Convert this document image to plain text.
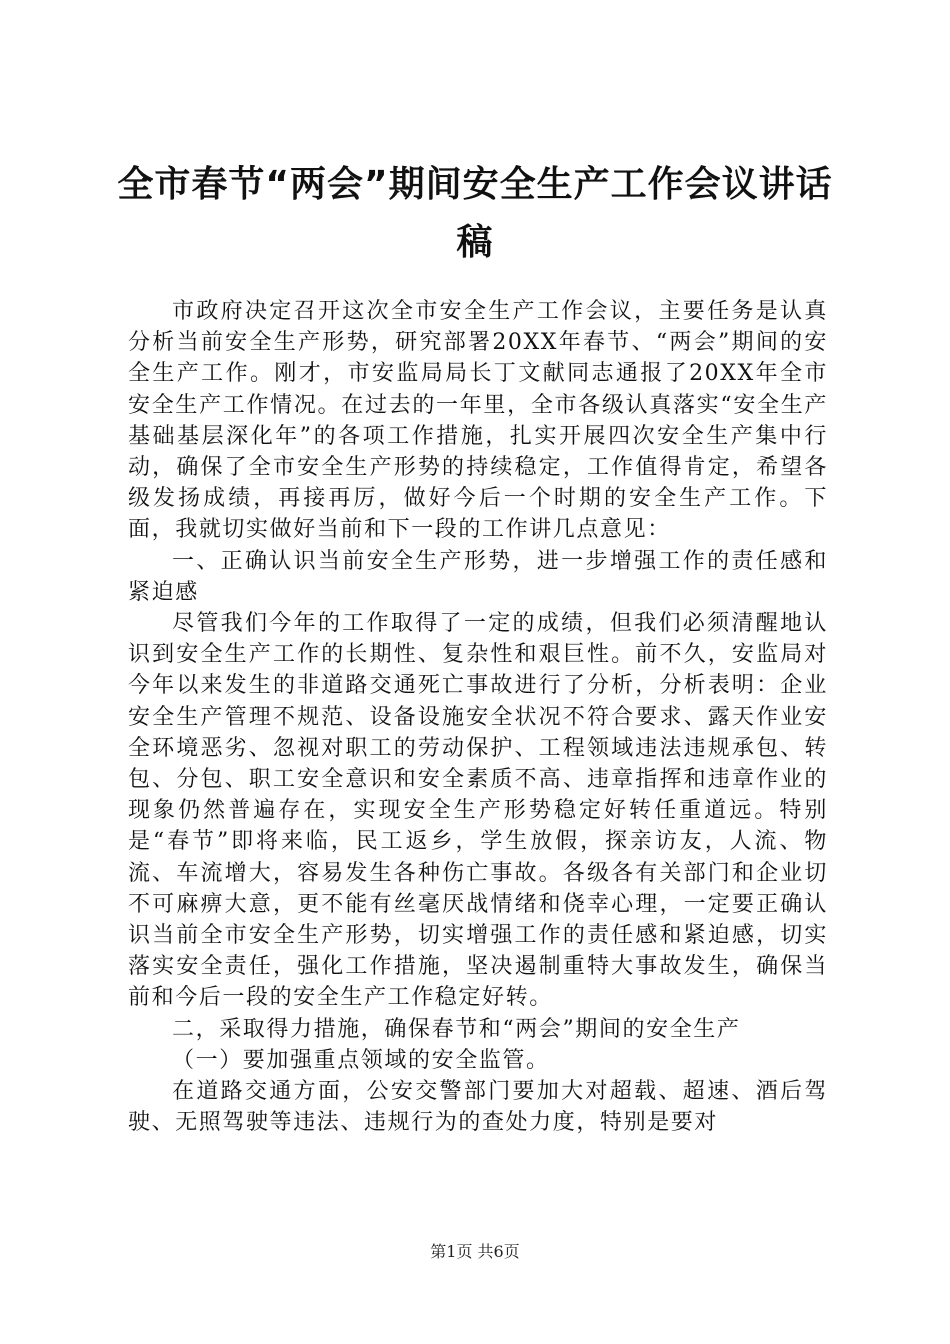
全市春节“两会”期间安全生产工作会议讲话
稿

市政府决定召开这次全市安全生产工作会议，主要任务是认真分析当前安全生产形势，研究部署20XX年春节、“两会”期间的安全生产工作。刚才，市安监局局长丁文献同志通报了20XX年全市安全生产工作情况。在过去的一年里，全市各级认真落实“安全生产基础基层深化年”的各项工作措施，扎实开展四次安全生产集中行动，确保了全市安全生产形势的持续稳定，工作值得肯定，希望各级发扬成绩，再接再厉，做好今后一个时期的安全生产工作。下面，我就切实做好当前和下一段的工作讲几点意见：

一、正确认识当前安全生产形势，进一步增强工作的责任感和紧迫感

尽管我们今年的工作取得了一定的成绩，但我们必须清醒地认识到安全生产工作的长期性、复杂性和艰巨性。前不久，安监局对今年以来发生的非道路交通死亡事故进行了分析，分析表明：企业安全生产管理不规范、设备设施安全状况不符合要求、露天作业安全环境恶劣、忽视对职工的劳动保护、工程领域违法违规承包、转包、分包、职工安全意识和安全素质不高、违章指挥和违章作业的现象仍然普遍存在，实现安全生产形势稳定好转任重道远。特别是“春节”即将来临，民工返乡，学生放假，探亲访友，人流、物流、车流增大，容易发生各种伤亡事故。各级各有关部门和企业切不可麻痹大意，更不能有丝毫厌战情绪和侥幸心理，一定要正确认识当前全市安全生产形势，切实增强工作的责任感和紧迫感，切实落实安全责任，强化工作措施，坚决遏制重特大事故发生，确保当前和今后一段的安全生产工作稳定好转。

二，采取得力措施，确保春节和“两会”期间的安全生产

（一）要加强重点领域的安全监管。

在道路交通方面，公安交警部门要加大对超载、超速、酒后驾驶、无照驾驶等违法、违规行为的查处力度，特别是要对

第1页 共6页
